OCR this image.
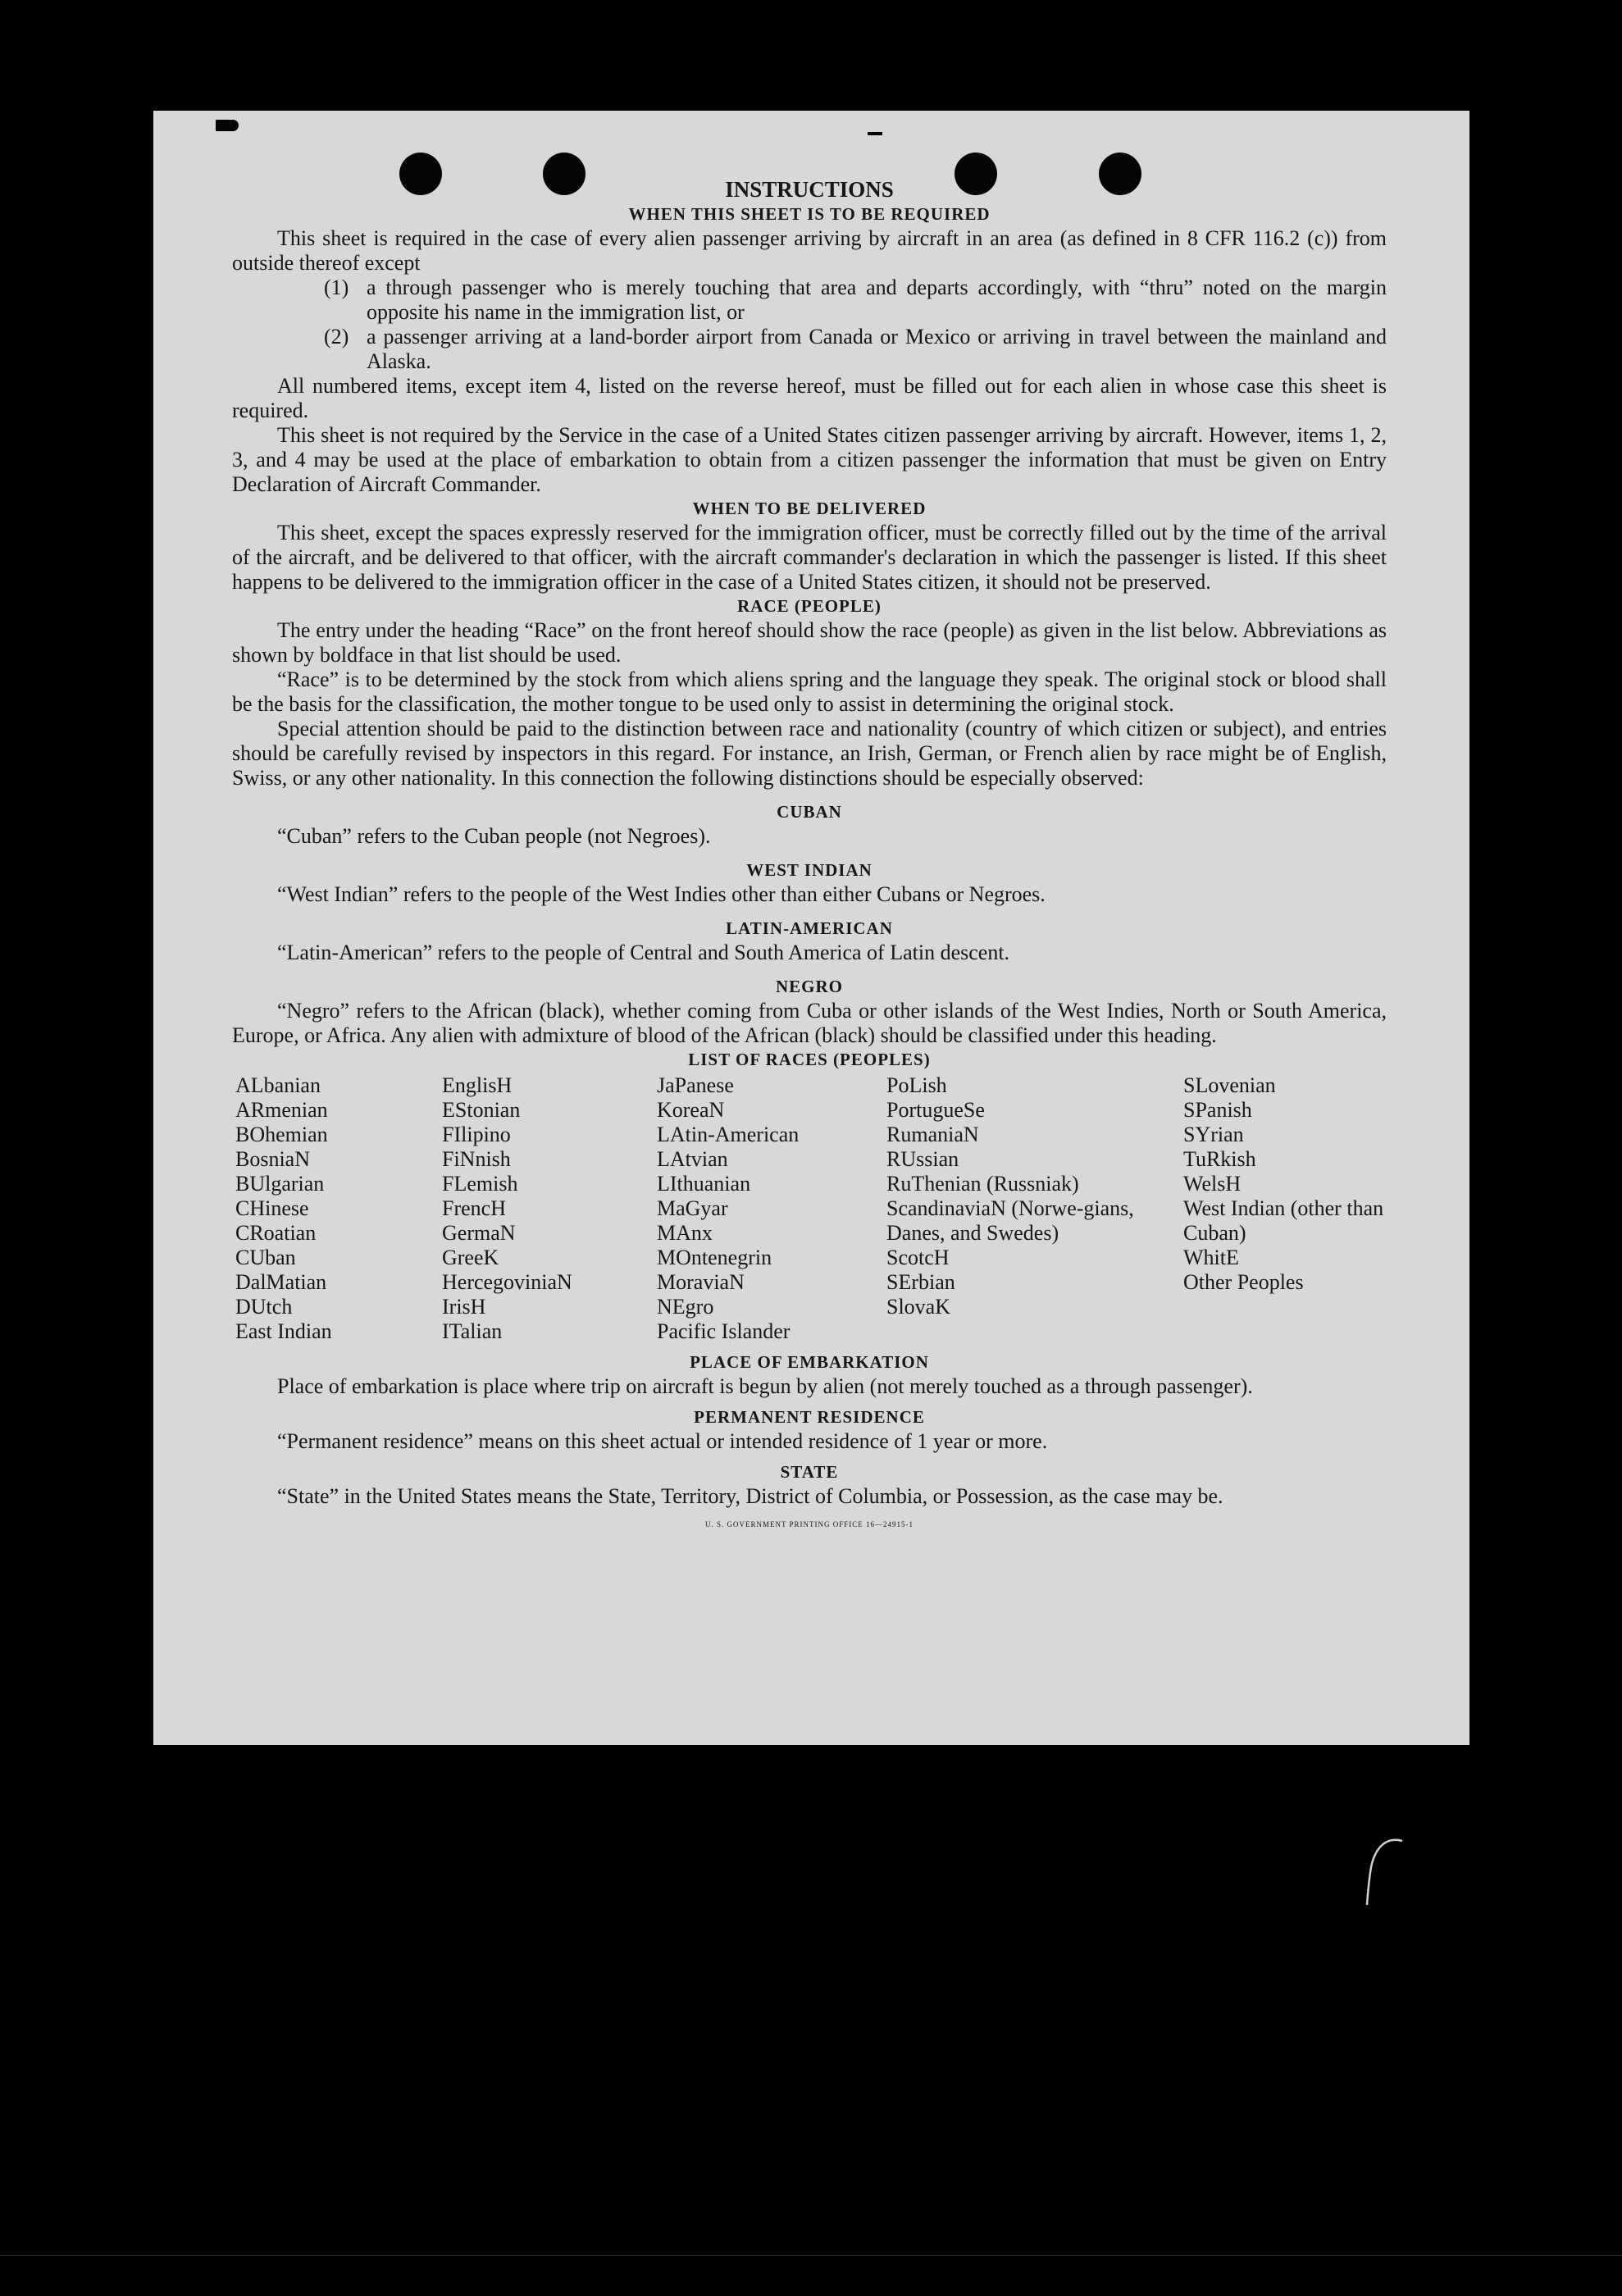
INSTRUCTIONS
WHEN THIS SHEET IS TO BE REQUIRED

This sheet is required in the case of every alien passenger arriving by aircraft in an area (as defined in 8 CFR 116.2 (c)) from outside thereof except

(1) a through passenger who is merely touching that area and departs accordingly, with “thru” noted on the margin opposite his name in the immigration list, or
(2) a passenger arriving at a land-border airport from Canada or Mexico or arriving in travel between the mainland and Alaska.

All numbered items, except item 4, listed on the reverse hereof, must be filled out for each alien in whose case this sheet is required.

This sheet is not required by the Service in the case of a United States citizen passenger arriving by aircraft. However, items 1, 2, 3, and 4 may be used at the place of embarkation to obtain from a citizen passenger the information that must be given on Entry Declaration of Aircraft Commander.

WHEN TO BE DELIVERED

This sheet, except the spaces expressly reserved for the immigration officer, must be correctly filled out by the time of the arrival of the aircraft, and be delivered to that officer, with the aircraft commander's declaration in which the passenger is listed. If this sheet happens to be delivered to the immigration officer in the case of a United States citizen, it should not be preserved.

RACE (PEOPLE)

The entry under the heading “Race” on the front hereof should show the race (people) as given in the list below. Abbreviations as shown by boldface in that list should be used.

“Race” is to be determined by the stock from which aliens spring and the language they speak. The original stock or blood shall be the basis for the classification, the mother tongue to be used only to assist in determining the original stock.

Special attention should be paid to the distinction between race and nationality (country of which citizen or subject), and entries should be carefully revised by inspectors in this regard. For instance, an Irish, German, or French alien by race might be of English, Swiss, or any other nationality. In this connection the following distinctions should be especially observed:

CUBAN

“Cuban” refers to the Cuban people (not Negroes).

WEST INDIAN

“West Indian” refers to the people of the West Indies other than either Cubans or Negroes.

LATIN-AMERICAN

“Latin-American” refers to the people of Central and South America of Latin descent.

NEGRO

“Negro” refers to the African (black), whether coming from Cuba or other islands of the West Indies, North or South America, Europe, or Africa. Any alien with admixture of blood of the African (black) should be classified under this heading.

LIST OF RACES (PEOPLES)
ALbanian
ARmenian
BOhemian
BosniaN
BUlgarian
CHinese
CRoatian
CUban
DalMatian
DUtch
East Indian
EnglisH
EStonian
FIlipino
FiNnish
FLemish
FrencH
GermaN
GreeK
HercegoviniaN
IrisH
ITalian
JaPanese
KoreaN
LAtin-American
LAtvian
LIthuanian
MaGyar
MAnx
MOntenegrin
MoraviaN
NEgro
Pacific Islander
PoLish
PortugueSe
RumaniaN
RUssian
RuThenian (Russniak)
ScandinaviaN (Norwe-gians, Danes, and Swedes)
ScotcH
SErbian
SlovaK
SLovenian
SPanish
SYrian
TuRkish
WelsH
West Indian (other than Cuban)
WhitE
Other Peoples
PLACE OF EMBARKATION

Place of embarkation is place where trip on aircraft is begun by alien (not merely touched as a through passenger).

PERMANENT RESIDENCE

“Permanent residence” means on this sheet actual or intended residence of 1 year or more.

STATE

“State” in the United States means the State, Territory, District of Columbia, or Possession, as the case may be.

U. S. GOVERNMENT PRINTING OFFICE 16—24915-1
